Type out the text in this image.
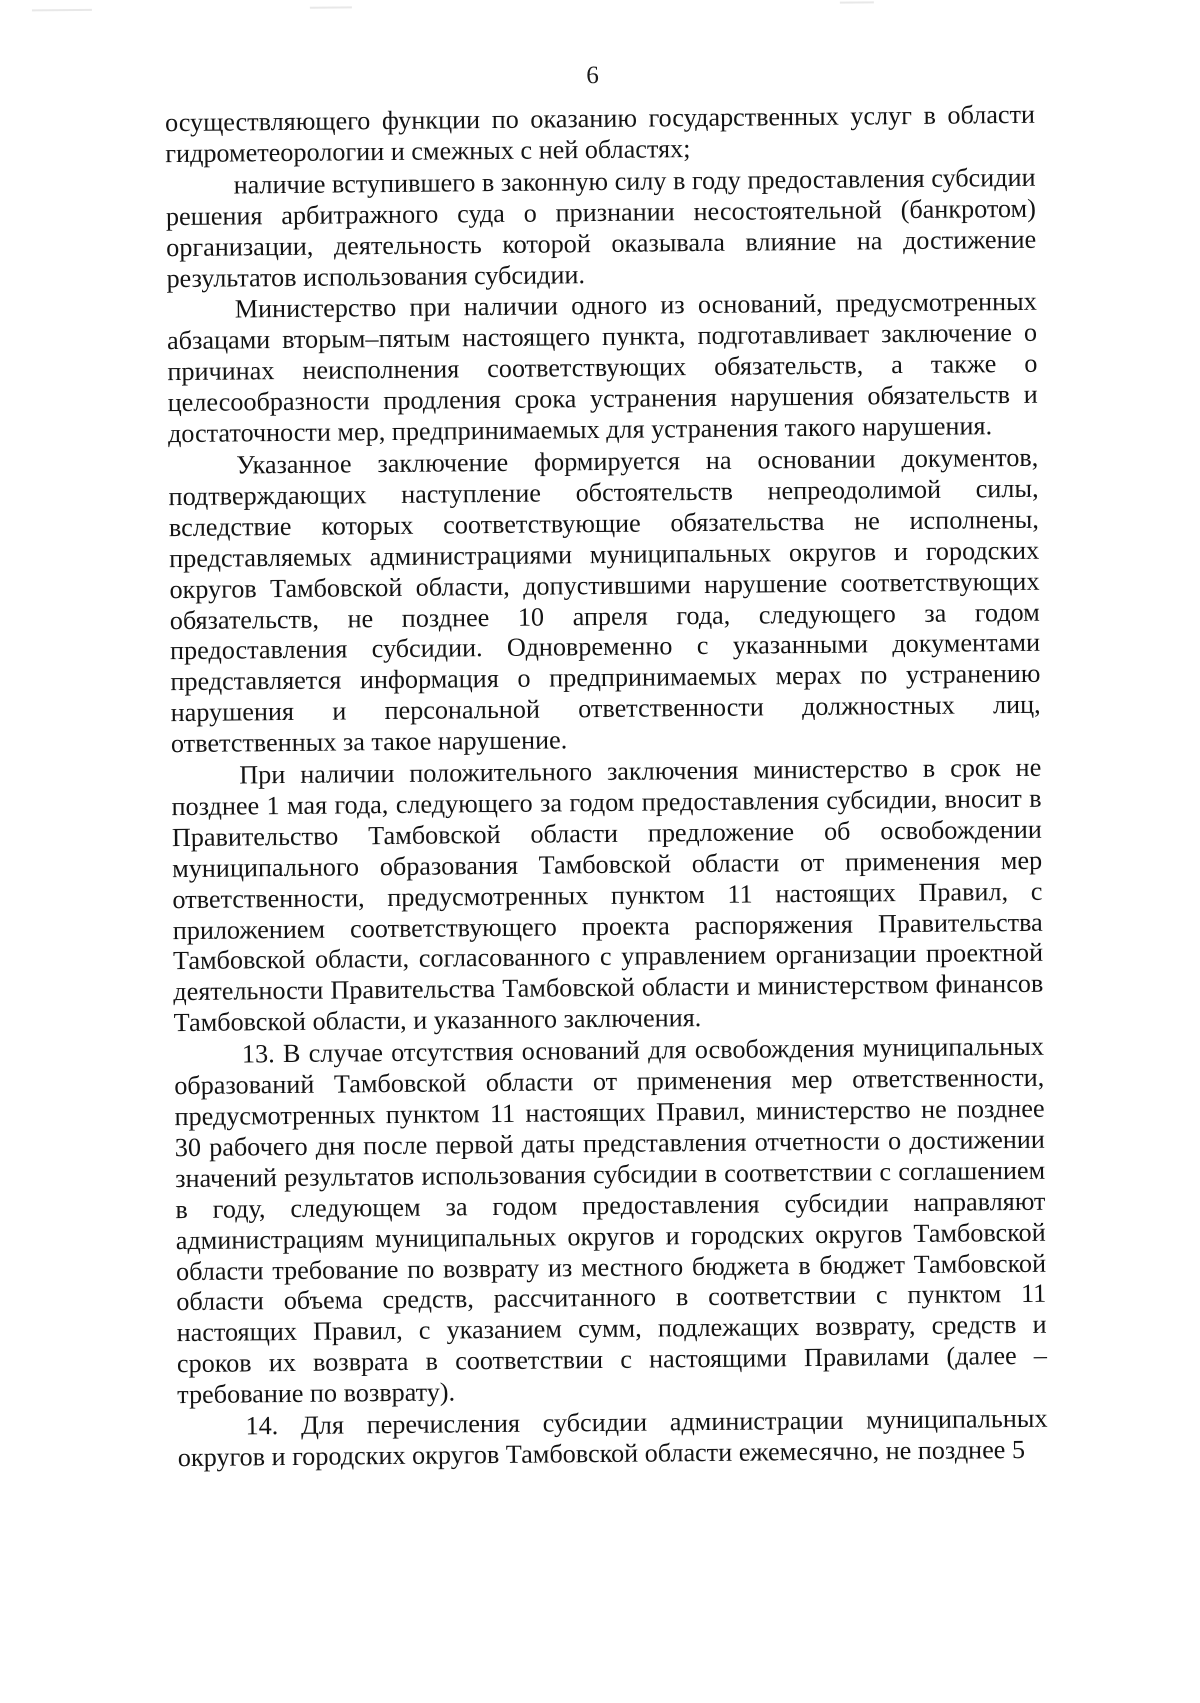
6

осуществляющего функции по оказанию государственных услуг в области гидрометеорологии и смежных с ней областях;

наличие вступившего в законную силу в году предоставления субсидии решения арбитражного суда о признании несостоятельной (банкротом) организации, деятельность которой оказывала влияние на достижение результатов использования субсидии.

Министерство при наличии одного из оснований, предусмотренных абзацами вторым–пятым настоящего пункта, подготавливает заключение о причинах неисполнения соответствующих обязательств, а также о целесообразности продления срока устранения нарушения обязательств и достаточности мер, предпринимаемых для устранения такого нарушения.

Указанное заключение формируется на основании документов, подтверждающих наступление обстоятельств непреодолимой силы, вследствие которых соответствующие обязательства не исполнены, представляемых администрациями муниципальных округов и городских округов Тамбовской области, допустившими нарушение соответствующих обязательств, не позднее 10 апреля года, следующего за годом предоставления субсидии. Одновременно с указанными документами представляется информация о предпринимаемых мерах по устранению нарушения и персональной ответственности должностных лиц, ответственных за такое нарушение.

При наличии положительного заключения министерство в срок не позднее 1 мая года, следующего за годом предоставления субсидии, вносит в Правительство Тамбовской области предложение об освобождении муниципального образования Тамбовской области от применения мер ответственности, предусмотренных пунктом 11 настоящих Правил, с приложением соответствующего проекта распоряжения Правительства Тамбовской области, согласованного с управлением организации проектной деятельности Правительства Тамбовской области и министерством финансов Тамбовской области, и указанного заключения.

13. В случае отсутствия оснований для освобождения муниципальных образований Тамбовской области от применения мер ответственности, предусмотренных пунктом 11 настоящих Правил, министерство не позднее 30 рабочего дня после первой даты представления отчетности о достижении значений результатов использования субсидии в соответствии с соглашением в году, следующем за годом предоставления субсидии направляют администрациям муниципальных округов и городских округов Тамбовской области требование по возврату из местного бюджета в бюджет Тамбовской области объема средств, рассчитанного в соответствии с пунктом 11 настоящих Правил, с указанием сумм, подлежащих возврату, средств и сроков их возврата в соответствии с настоящими Правилами (далее – требование по возврату).

14. Для перечисления субсидии администрации муниципальных округов и городских округов Тамбовской области ежемесячно, не позднее 5
